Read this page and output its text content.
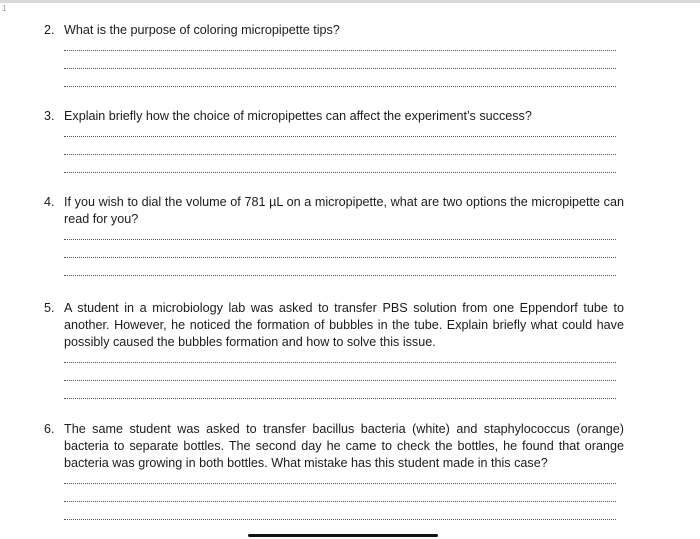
1
2. What is the purpose of coloring micropipette tips?
3. Explain briefly how the choice of micropipettes can affect the experiment’s success?
4. If you wish to dial the volume of 781 µL on a micropipette, what are two options the micropipette can read for you?
5. A student in a microbiology lab was asked to transfer PBS solution from one Eppendorf tube to another. However, he noticed the formation of bubbles in the tube. Explain briefly what could have possibly caused the bubbles formation and how to solve this issue.
6. The same student was asked to transfer bacillus bacteria (white) and staphylococcus (orange) bacteria to separate bottles. The second day he came to check the bottles, he found that orange bacteria was growing in both bottles. What mistake has this student made in this case?
